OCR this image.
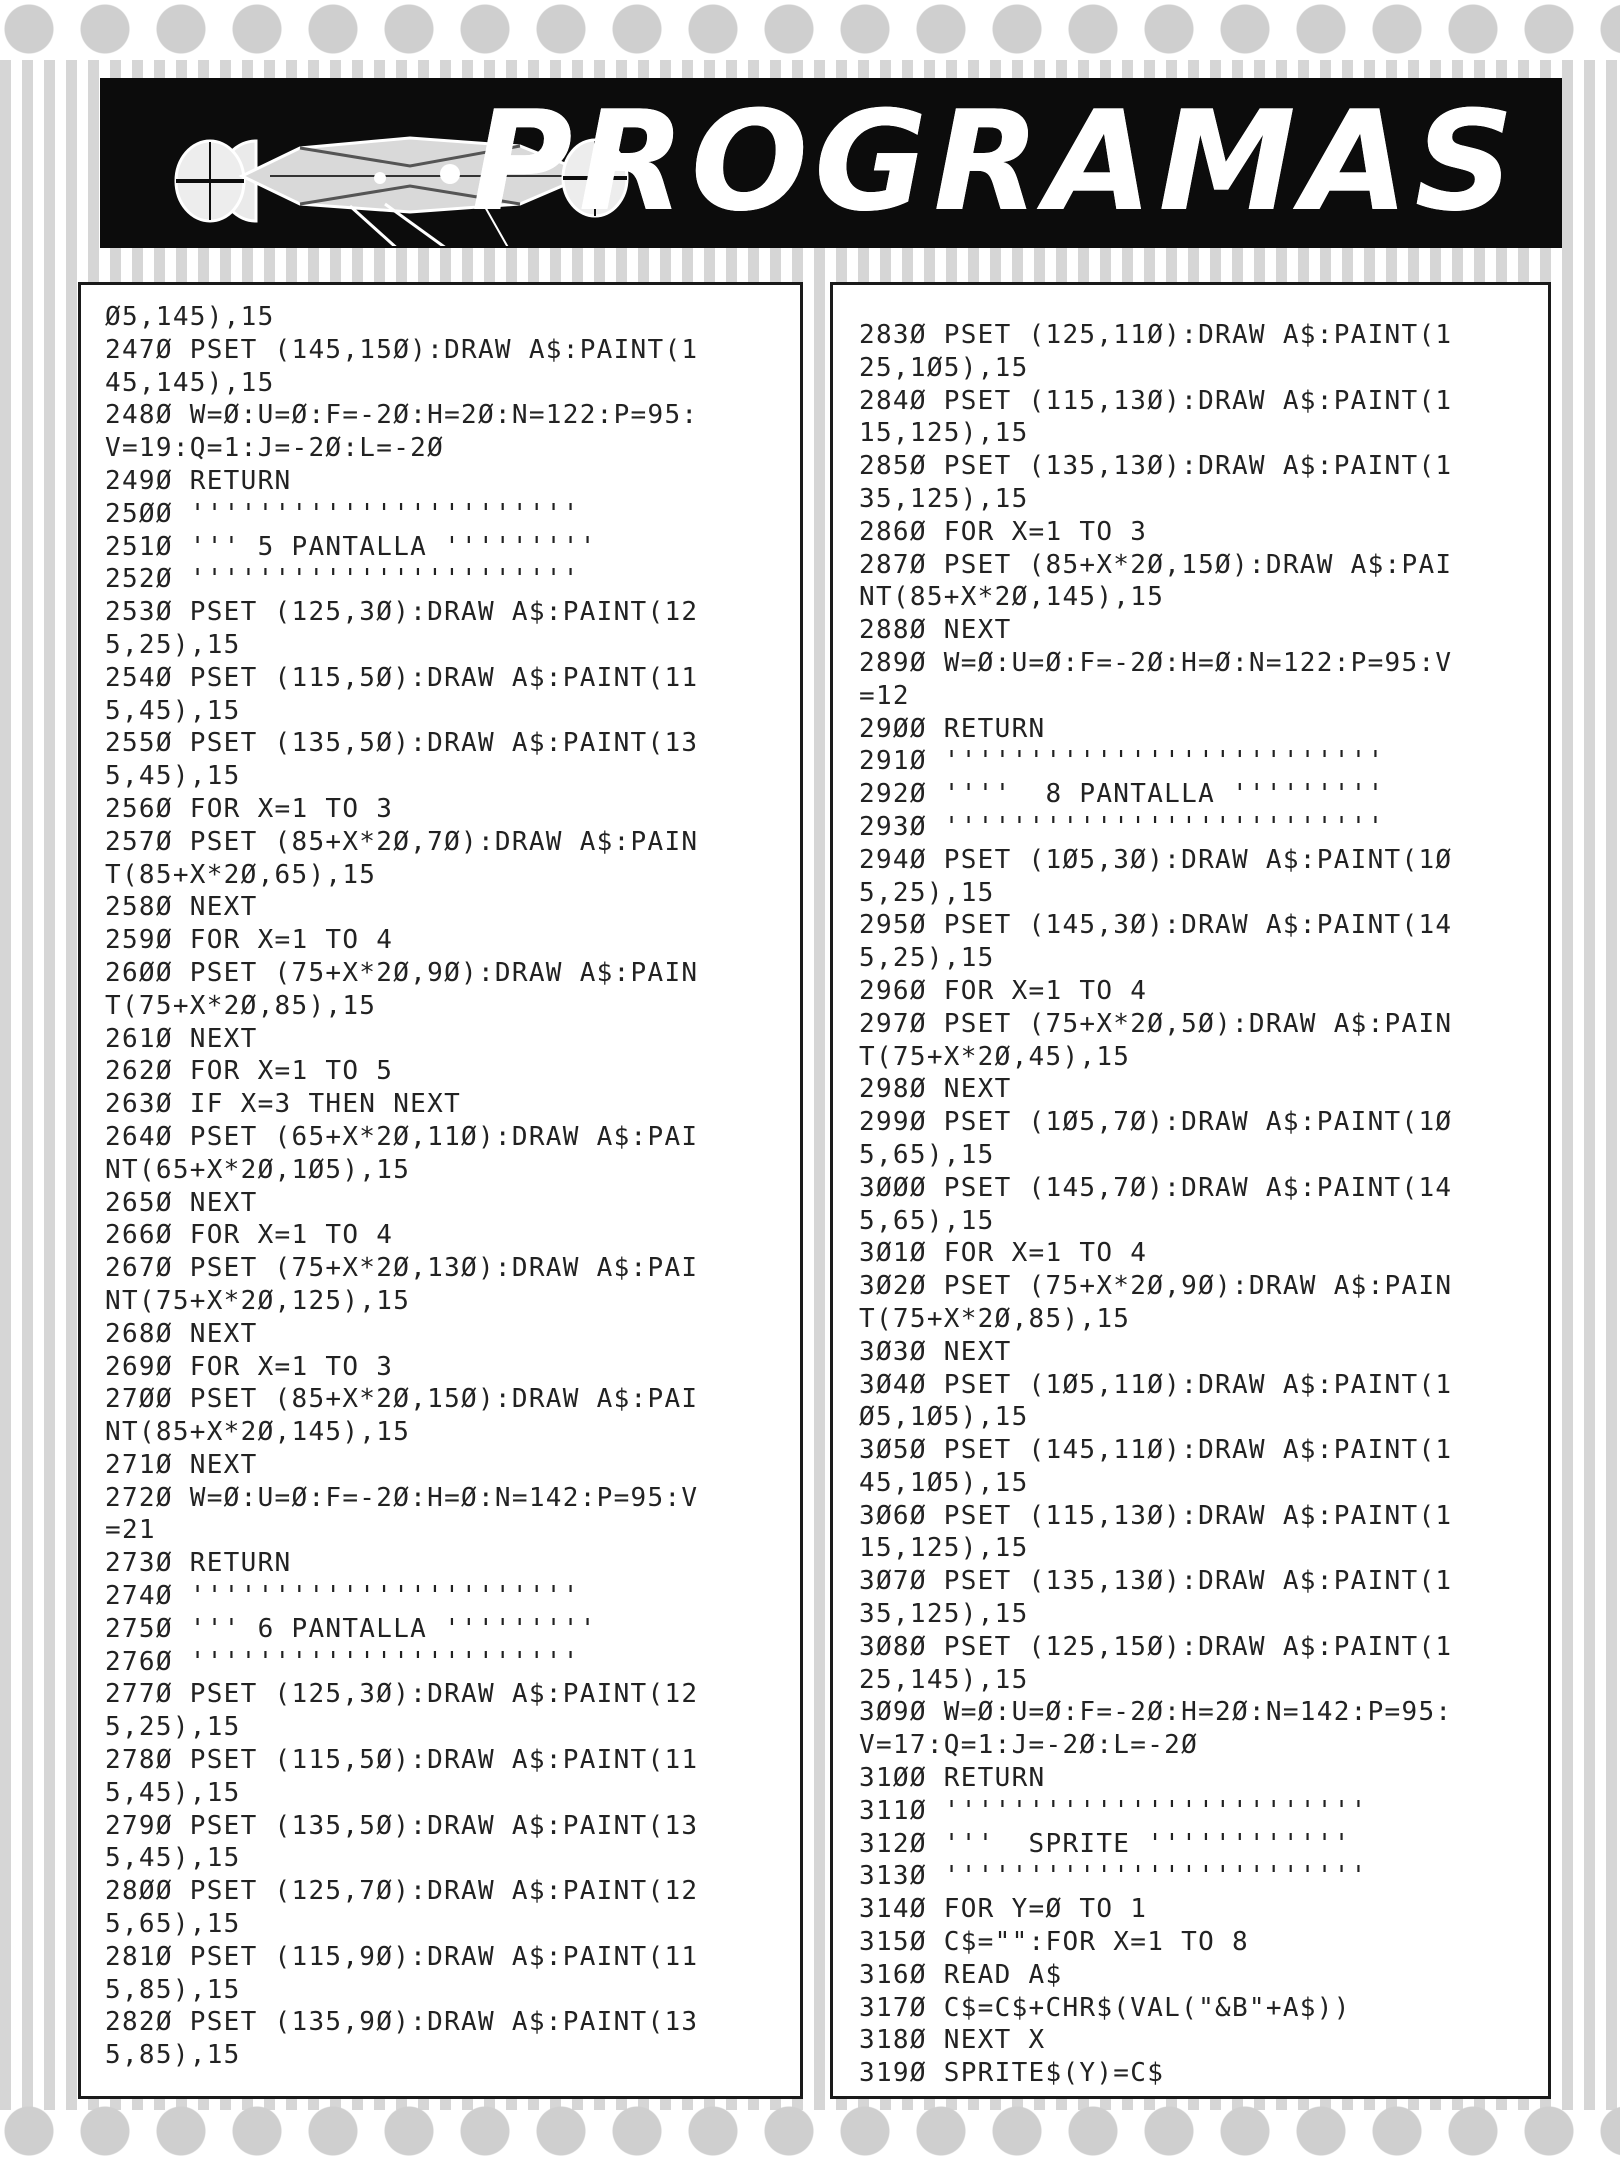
PROGRAMAS
Ø5,145),15
247Ø PSET (145,15Ø):DRAW A$:PAINT(1
45,145),15
248Ø W=Ø:U=Ø:F=-2Ø:H=2Ø:N=122:P=95:
V=19:Q=1:J=-2Ø:L=-2Ø
249Ø RETURN
25ØØ '''''''''''''''''''''''
251Ø ''' 5 PANTALLA '''''''''
252Ø '''''''''''''''''''''''
253Ø PSET (125,3Ø):DRAW A$:PAINT(12
5,25),15
254Ø PSET (115,5Ø):DRAW A$:PAINT(11
5,45),15
255Ø PSET (135,5Ø):DRAW A$:PAINT(13
5,45),15
256Ø FOR X=1 TO 3
257Ø PSET (85+X*2Ø,7Ø):DRAW A$:PAIN
T(85+X*2Ø,65),15
258Ø NEXT
259Ø FOR X=1 TO 4
26ØØ PSET (75+X*2Ø,9Ø):DRAW A$:PAIN
T(75+X*2Ø,85),15
261Ø NEXT
262Ø FOR X=1 TO 5
263Ø IF X=3 THEN NEXT
264Ø PSET (65+X*2Ø,11Ø):DRAW A$:PAI
NT(65+X*2Ø,1Ø5),15
265Ø NEXT
266Ø FOR X=1 TO 4
267Ø PSET (75+X*2Ø,13Ø):DRAW A$:PAI
NT(75+X*2Ø,125),15
268Ø NEXT
269Ø FOR X=1 TO 3
27ØØ PSET (85+X*2Ø,15Ø):DRAW A$:PAI
NT(85+X*2Ø,145),15
271Ø NEXT
272Ø W=Ø:U=Ø:F=-2Ø:H=Ø:N=142:P=95:V
=21
273Ø RETURN
274Ø '''''''''''''''''''''''
275Ø ''' 6 PANTALLA '''''''''
276Ø '''''''''''''''''''''''
277Ø PSET (125,3Ø):DRAW A$:PAINT(12
5,25),15
278Ø PSET (115,5Ø):DRAW A$:PAINT(11
5,45),15
279Ø PSET (135,5Ø):DRAW A$:PAINT(13
5,45),15
28ØØ PSET (125,7Ø):DRAW A$:PAINT(12
5,65),15
281Ø PSET (115,9Ø):DRAW A$:PAINT(11
5,85),15
282Ø PSET (135,9Ø):DRAW A$:PAINT(13
5,85),15
283Ø PSET (125,11Ø):DRAW A$:PAINT(1
25,1Ø5),15
284Ø PSET (115,13Ø):DRAW A$:PAINT(1
15,125),15
285Ø PSET (135,13Ø):DRAW A$:PAINT(1
35,125),15
286Ø FOR X=1 TO 3
287Ø PSET (85+X*2Ø,15Ø):DRAW A$:PAI
NT(85+X*2Ø,145),15
288Ø NEXT
289Ø W=Ø:U=Ø:F=-2Ø:H=Ø:N=122:P=95:V
=12
29ØØ RETURN
291Ø ''''''''''''''''''''''''''
292Ø ''''  8 PANTALLA '''''''''
293Ø ''''''''''''''''''''''''''
294Ø PSET (1Ø5,3Ø):DRAW A$:PAINT(1Ø
5,25),15
295Ø PSET (145,3Ø):DRAW A$:PAINT(14
5,25),15
296Ø FOR X=1 TO 4
297Ø PSET (75+X*2Ø,5Ø):DRAW A$:PAIN
T(75+X*2Ø,45),15
298Ø NEXT
299Ø PSET (1Ø5,7Ø):DRAW A$:PAINT(1Ø
5,65),15
3ØØØ PSET (145,7Ø):DRAW A$:PAINT(14
5,65),15
3Ø1Ø FOR X=1 TO 4
3Ø2Ø PSET (75+X*2Ø,9Ø):DRAW A$:PAIN
T(75+X*2Ø,85),15
3Ø3Ø NEXT
3Ø4Ø PSET (1Ø5,11Ø):DRAW A$:PAINT(1
Ø5,1Ø5),15
3Ø5Ø PSET (145,11Ø):DRAW A$:PAINT(1
45,1Ø5),15
3Ø6Ø PSET (115,13Ø):DRAW A$:PAINT(1
15,125),15
3Ø7Ø PSET (135,13Ø):DRAW A$:PAINT(1
35,125),15
3Ø8Ø PSET (125,15Ø):DRAW A$:PAINT(1
25,145),15
3Ø9Ø W=Ø:U=Ø:F=-2Ø:H=2Ø:N=142:P=95:
V=17:Q=1:J=-2Ø:L=-2Ø
31ØØ RETURN
311Ø '''''''''''''''''''''''''
312Ø '''  SPRITE ''''''''''''
313Ø '''''''''''''''''''''''''
314Ø FOR Y=Ø TO 1
315Ø C$="":FOR X=1 TO 8
316Ø READ A$
317Ø C$=C$+CHR$(VAL("&B"+A$))
318Ø NEXT X
319Ø SPRITE$(Y)=C$
